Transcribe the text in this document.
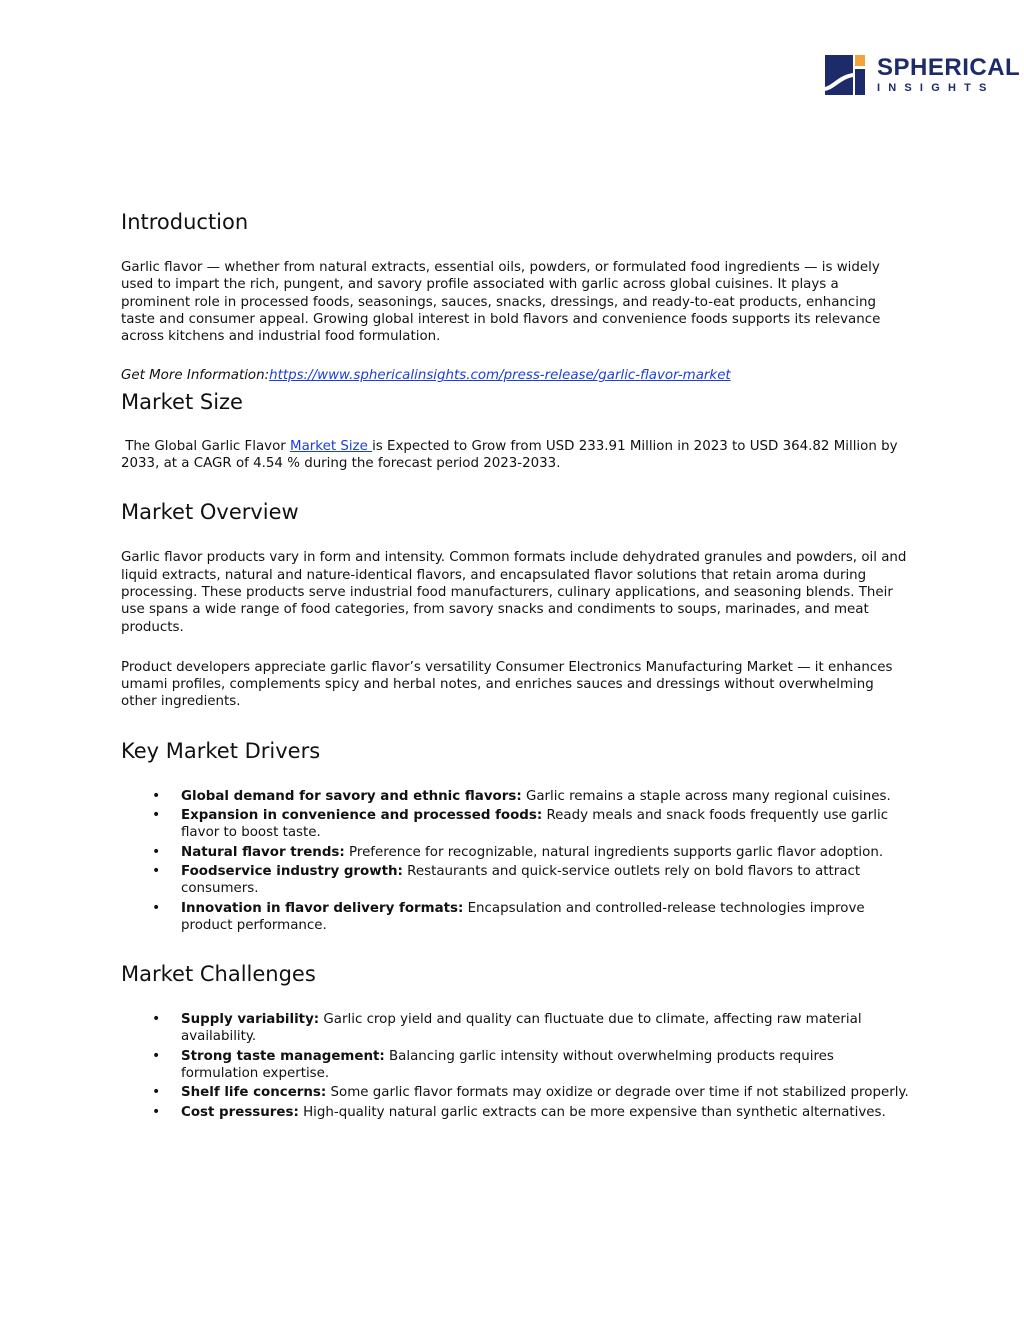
SPHERICAL
INSIGHTS
Introduction

Garlic flavor — whether from natural extracts, essential oils, powders, or formulated food ingredients — is widely used to impart the rich, pungent, and savory profile associated with garlic across global cuisines. It plays a prominent role in processed foods, seasonings, sauces, snacks, dressings, and ready-to-eat products, enhancing taste and consumer appeal. Growing global interest in bold flavors and convenience foods supports its relevance across kitchens and industrial food formulation.

Get More Information:https://www.sphericalinsights.com/press-release/garlic-flavor-market

Market Size

The Global Garlic Flavor Market Size is Expected to Grow from USD 233.91 Million in 2023 to USD 364.82 Million by 2033, at a CAGR of 4.54 % during the forecast period 2023-2033.

Market Overview

Garlic flavor products vary in form and intensity. Common formats include dehydrated granules and powders, oil and liquid extracts, natural and nature-identical flavors, and encapsulated flavor solutions that retain aroma during processing. These products serve industrial food manufacturers, culinary applications, and seasoning blends. Their use spans a wide range of food categories, from savory snacks and condiments to soups, marinades, and meat products.

Product developers appreciate garlic flavor’s versatility Consumer Electronics Manufacturing Market — it enhances umami profiles, complements spicy and herbal notes, and enriches sauces and dressings without overwhelming other ingredients.

Key Market Drivers
• Global demand for savory and ethnic flavors: Garlic remains a staple across many regional cuisines.
• Expansion in convenience and processed foods: Ready meals and snack foods frequently use garlic flavor to boost taste.
• Natural flavor trends: Preference for recognizable, natural ingredients supports garlic flavor adoption.
• Foodservice industry growth: Restaurants and quick-service outlets rely on bold flavors to attract consumers.
• Innovation in flavor delivery formats: Encapsulation and controlled-release technologies improve product performance.
Market Challenges
• Supply variability: Garlic crop yield and quality can fluctuate due to climate, affecting raw material availability.
• Strong taste management: Balancing garlic intensity without overwhelming products requires formulation expertise.
• Shelf life concerns: Some garlic flavor formats may oxidize or degrade over time if not stabilized properly.
• Cost pressures: High-quality natural garlic extracts can be more expensive than synthetic alternatives.
